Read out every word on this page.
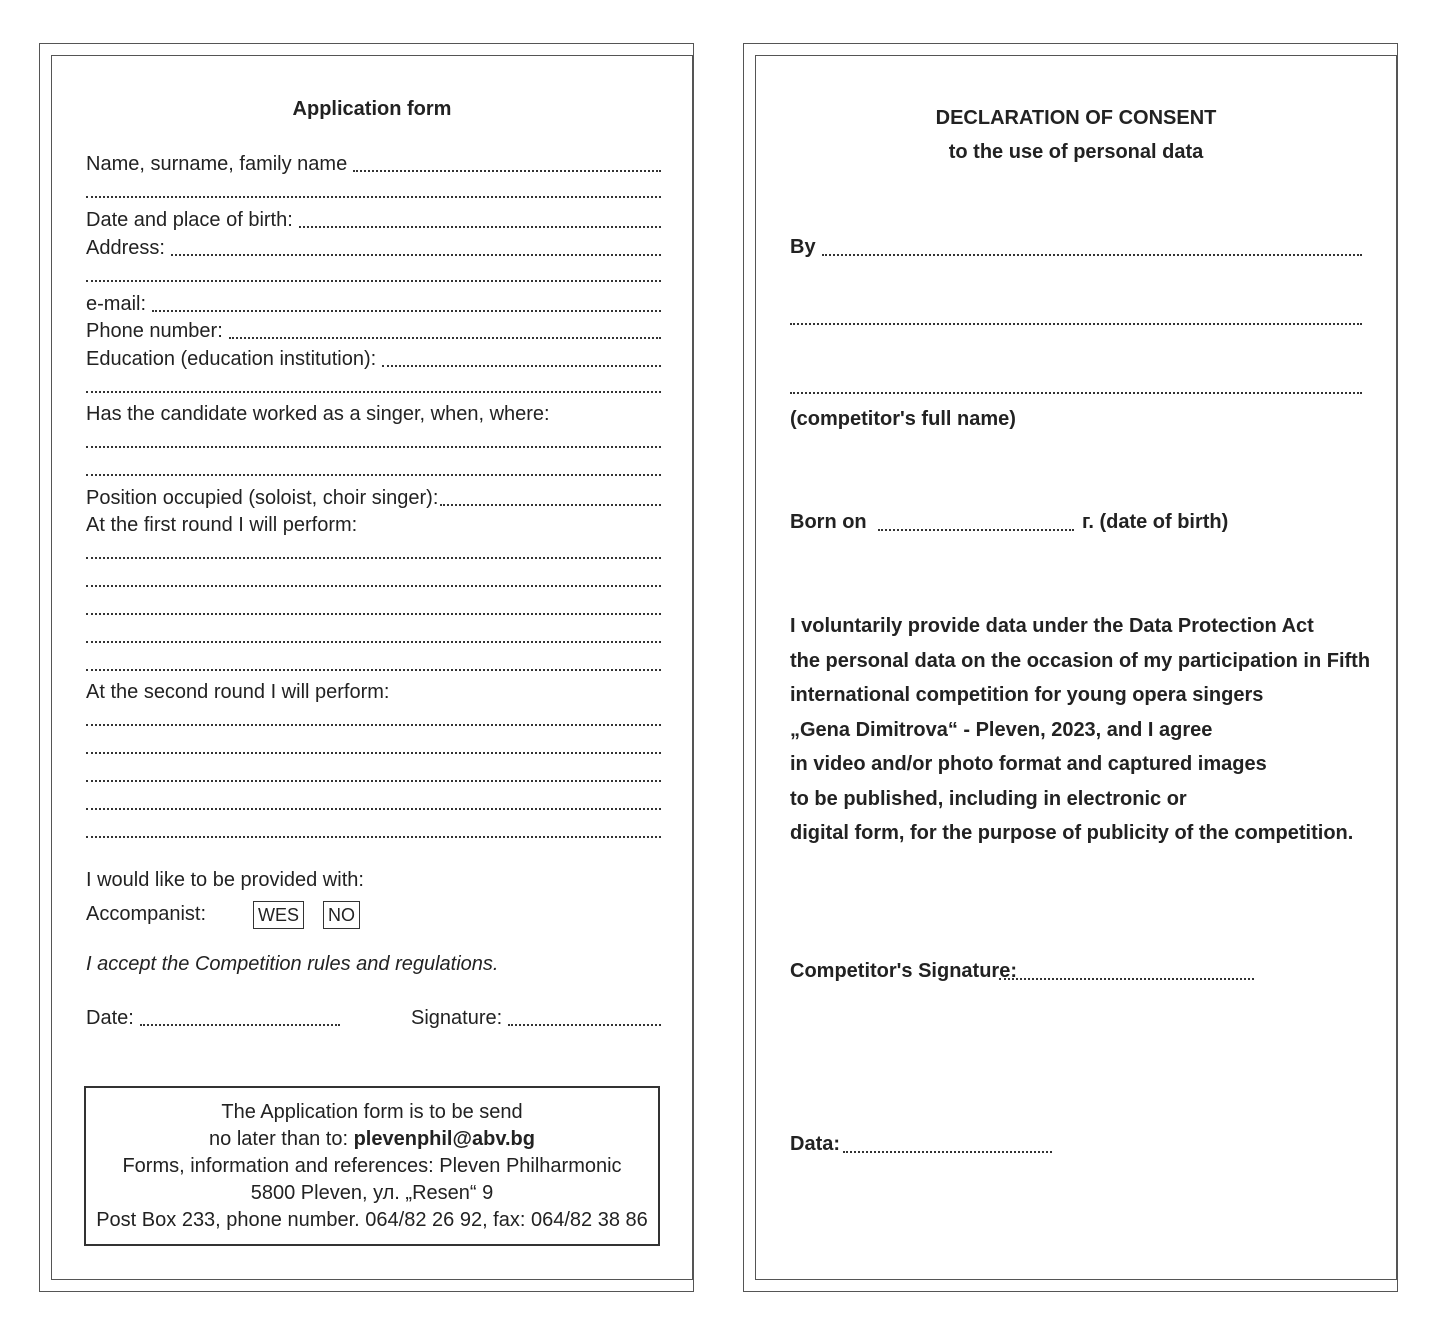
Application form
Name, surname, family name
Date and place of birth:
Address:
e-mail:
Phone number:
Education (education institution):
Has the candidate worked as a singer, when, where:
Position occupied (soloist, choir singer):
At the first round I will perform:
At the second round I will perform:
I would like to be provided with:
Accompanist:	WES NO
I accept the Competition rules and regulations.
Date:	Signature:
The Application form is to be send
no later than to: plevenphil@abv.bg
Forms, information and references: Pleven Philharmonic
5800 Pleven, ул. „Resen“ 9
Post Box 233, phone number. 064/82 26 92, fax: 064/82 38 86
DECLARATION OF CONSENT
to the use of personal data
By
(competitor's full name)
Born on	г. (date of birth)
I voluntarily provide data under the Data Protection Act
the personal data on the occasion of my participation in Fifth
international competition for young opera singers
„Gena Dimitrova“ - Pleven, 2023, and I agree
in video and/or photo format and captured images
to be published, including in electronic or
digital form, for the purpose of publicity of the competition.
Competitor's Signature:
Data:
